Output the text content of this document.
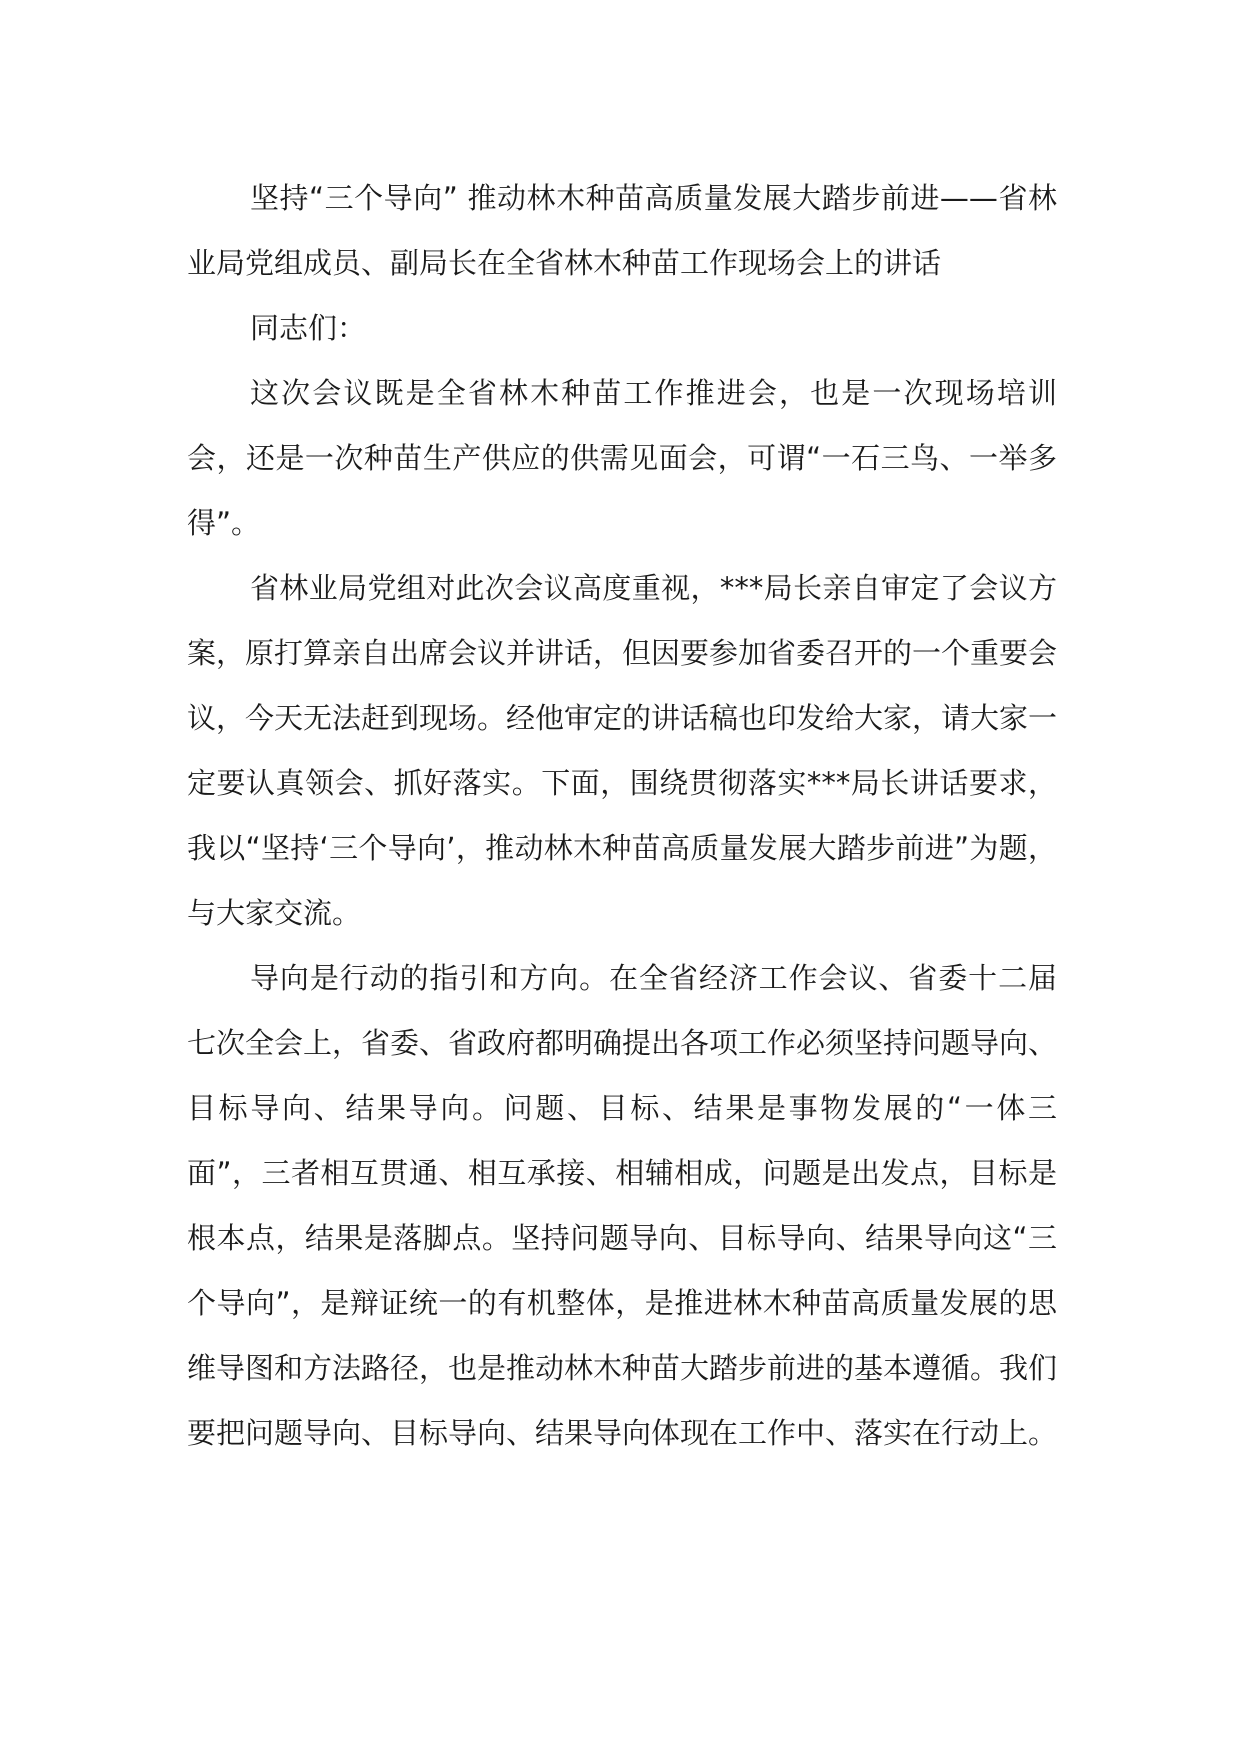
坚持“三个导向” 推动林木种苗高质量发展大踏步前进——省林业局党组成员、副局长在全省林木种苗工作现场会上的讲话

同志们：

这次会议既是全省林木种苗工作推进会，也是一次现场培训会，还是一次种苗生产供应的供需见面会，可谓“一石三鸟、一举多得”。

省林业局党组对此次会议高度重视，***局长亲自审定了会议方案，原打算亲自出席会议并讲话，但因要参加省委召开的一个重要会议，今天无法赶到现场。经他审定的讲话稿也印发给大家，请大家一定要认真领会、抓好落实。下面，围绕贯彻落实***局长讲话要求，我以“坚持‘三个导向’，推动林木种苗高质量发展大踏步前进”为题，与大家交流。

导向是行动的指引和方向。在全省经济工作会议、省委十二届七次全会上，省委、省政府都明确提出各项工作必须坚持问题导向、目标导向、结果导向。问题、目标、结果是事物发展的“一体三面”，三者相互贯通、相互承接、相辅相成，问题是出发点，目标是根本点，结果是落脚点。坚持问题导向、目标导向、结果导向这“三个导向”，是辩证统一的有机整体，是推进林木种苗高质量发展的思维导图和方法路径，也是推动林木种苗大踏步前进的基本遵循。我们要把问题导向、目标导向、结果导向体现在工作中、落实在行动上。
